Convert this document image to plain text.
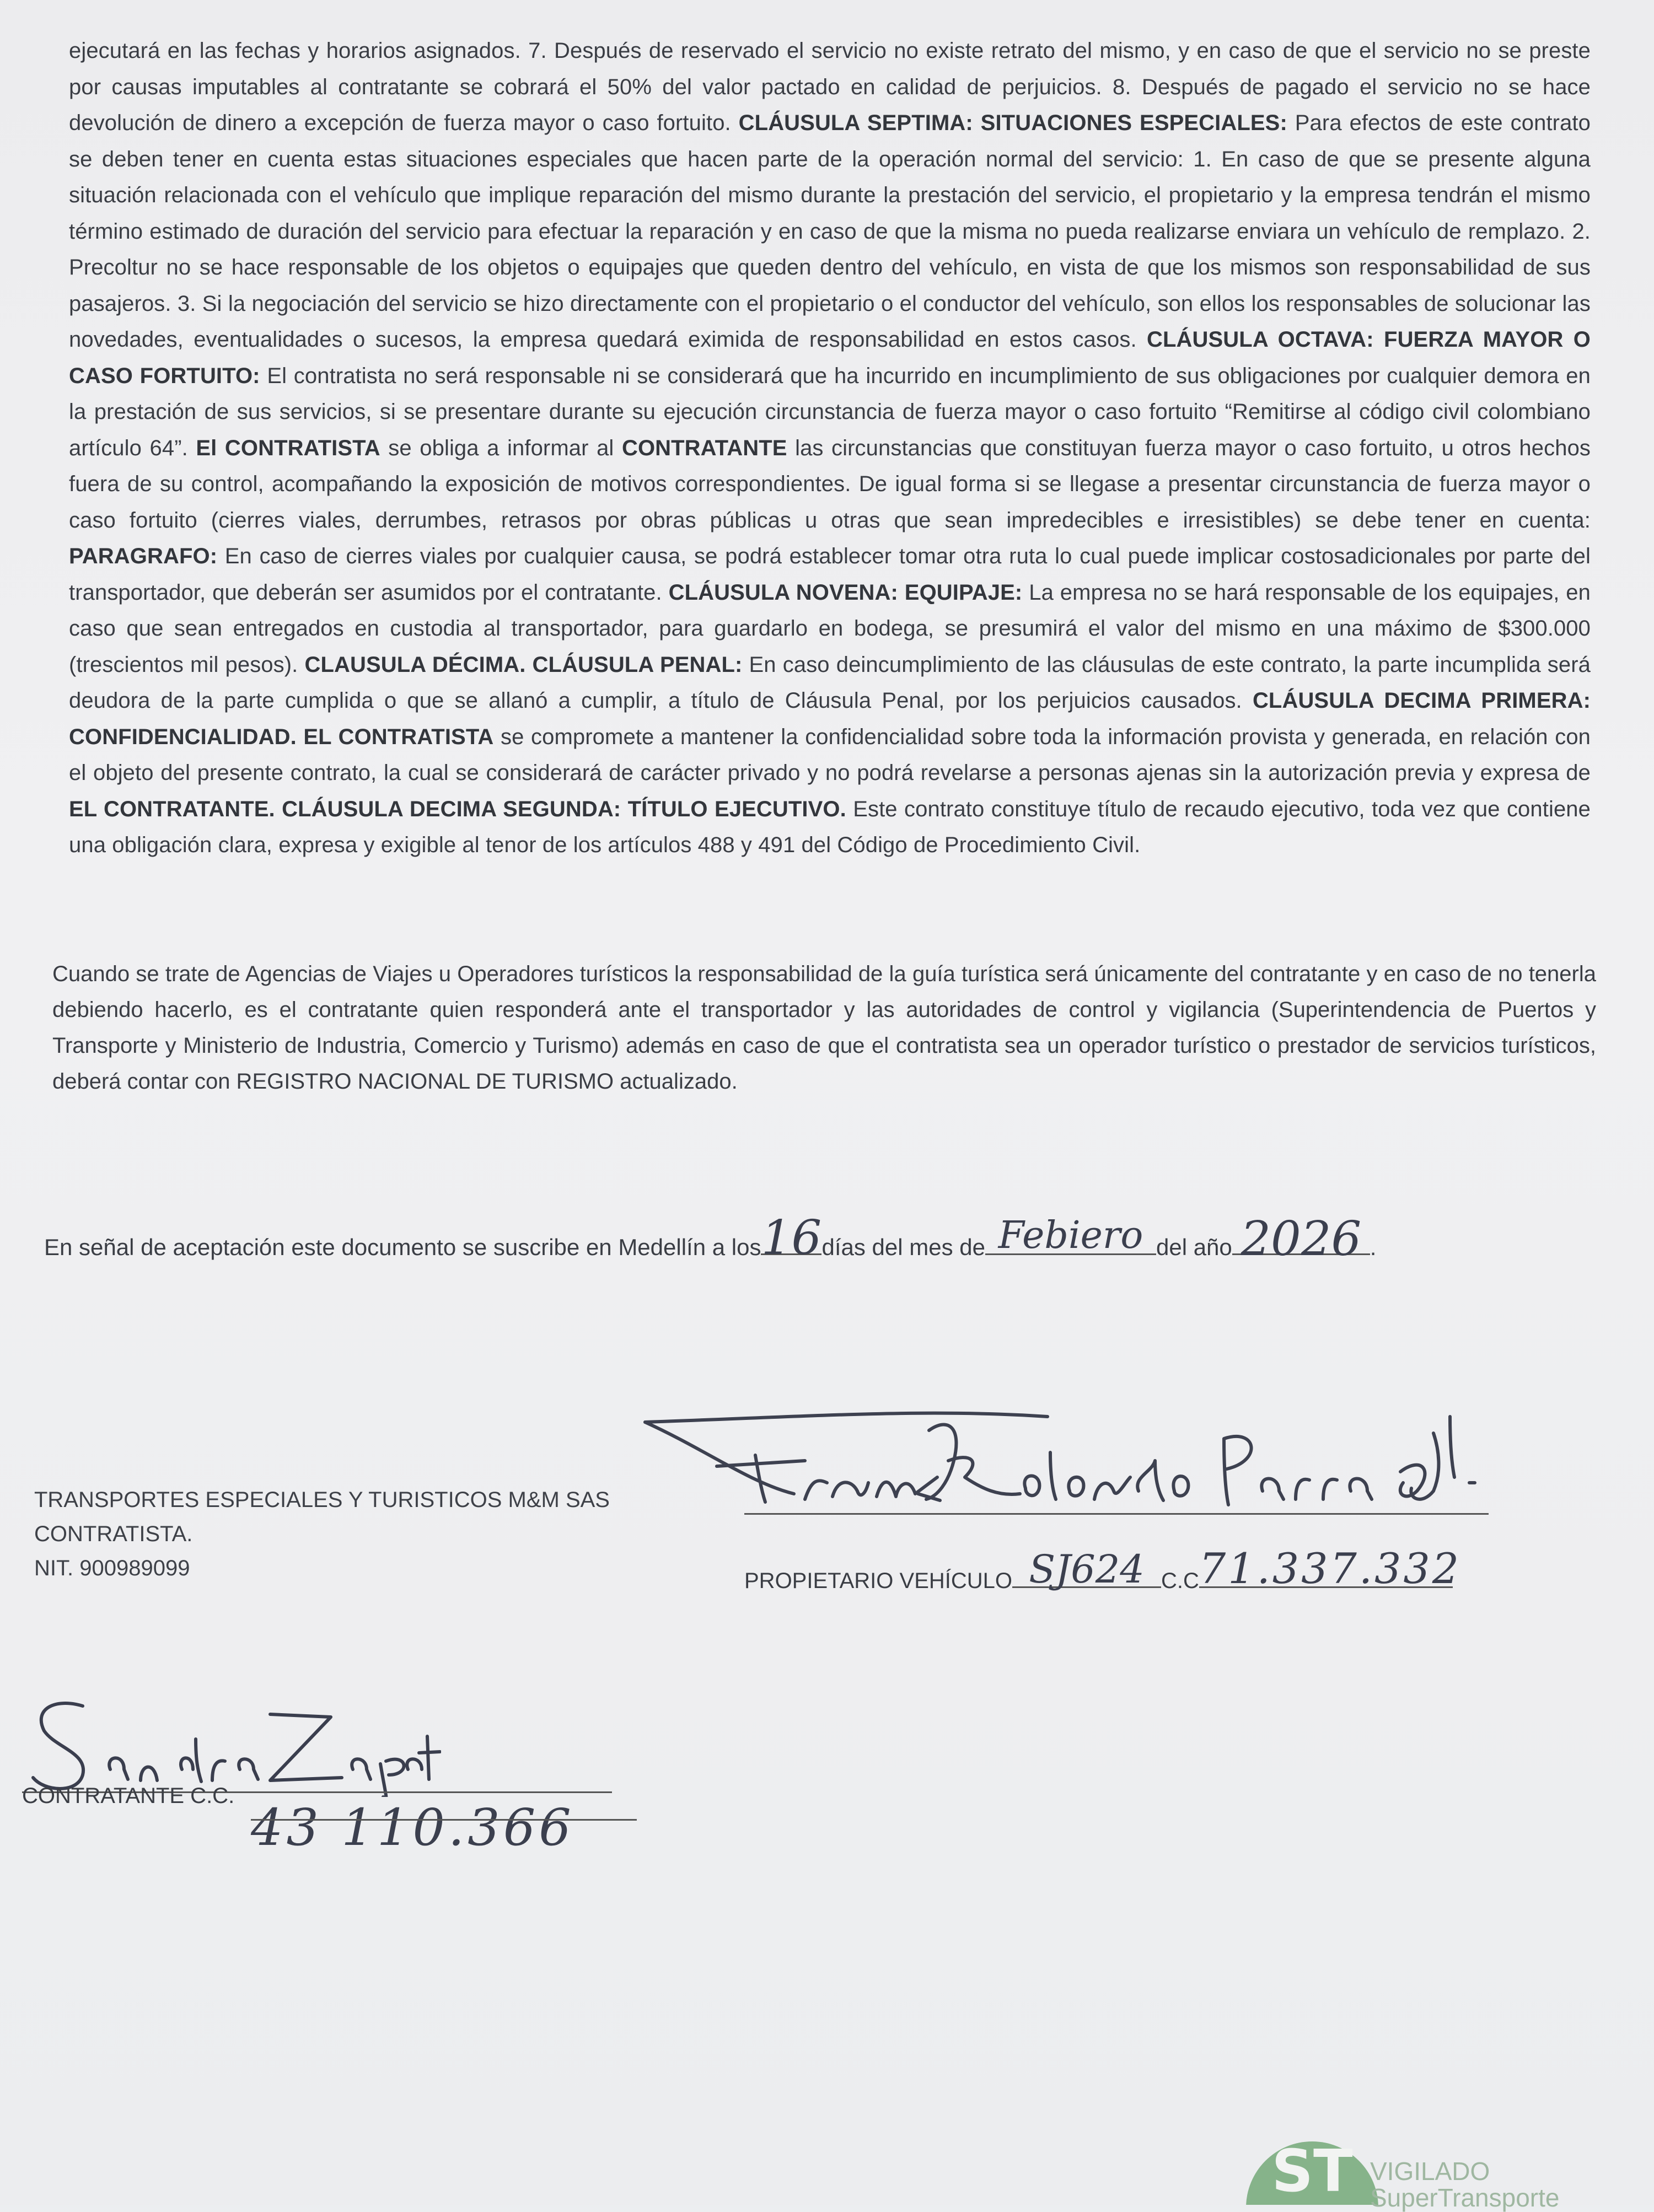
ejecutará en las fechas y horarios asignados. 7. Después de reservado el servicio no existe retrato del mismo, y en caso de que el servicio no se preste por causas imputables al contratante se cobrará el 50% del valor pactado en calidad de perjuicios. 8. Después de pagado el servicio no se hace devolución de dinero a excepción de fuerza mayor o caso fortuito. CLÁUSULA SEPTIMA: SITUACIONES ESPECIALES: Para efectos de este contrato se deben tener en cuenta estas situaciones especiales que hacen parte de la operación normal del servicio: 1. En caso de que se presente alguna situación relacionada con el vehículo que implique reparación del mismo durante la prestación del servicio, el propietario y la empresa tendrán el mismo término estimado de duración del servicio para efectuar la reparación y en caso de que la misma no pueda realizarse enviara un vehículo de remplazo. 2. Precoltur no se hace responsable de los objetos o equipajes que queden dentro del vehículo, en vista de que los mismos son responsabilidad de sus pasajeros. 3. Si la negociación del servicio se hizo directamente con el propietario o el conductor del vehículo, son ellos los responsables de solucionar las novedades, eventualidades o sucesos, la empresa quedará eximida de responsabilidad en estos casos. CLÁUSULA OCTAVA: FUERZA MAYOR O CASO FORTUITO: El contratista no será responsable ni se considerará que ha incurrido en incumplimiento de sus obligaciones por cualquier demora en la prestación de sus servicios, si se presentare durante su ejecución circunstancia de fuerza mayor o caso fortuito “Remitirse al código civil colombiano artículo 64”. El CONTRATISTA se obliga a informar al CONTRATANTE las circunstancias que constituyan fuerza mayor o caso fortuito, u otros hechos fuera de su control, acompañando la exposición de motivos correspondientes. De igual forma si se llegase a presentar circunstancia de fuerza mayor o caso fortuito (cierres viales, derrumbes, retrasos por obras públicas u otras que sean impredecibles e irresistibles) se debe tener en cuenta: PARAGRAFO: En caso de cierres viales por cualquier causa, se podrá establecer tomar otra ruta lo cual puede implicar costosadicionales por parte del transportador, que deberán ser asumidos por el contratante. CLÁUSULA NOVENA: EQUIPAJE: La empresa no se hará responsable de los equipajes, en caso que sean entregados en custodia al transportador, para guardarlo en bodega, se presumirá el valor del mismo en una máximo de $300.000 (trescientos mil pesos). CLAUSULA DÉCIMA. CLÁUSULA PENAL: En caso deincumplimiento de las cláusulas de este contrato, la parte incumplida será deudora de la parte cumplida o que se allanó a cumplir, a título de Cláusula Penal, por los perjuicios causados. CLÁUSULA DECIMA PRIMERA: CONFIDENCIALIDAD. EL CONTRATISTA se compromete a mantener la confidencialidad sobre toda la información provista y generada, en relación con el objeto del presente contrato, la cual se considerará de carácter privado y no podrá revelarse a personas ajenas sin la autorización previa y expresa de EL CONTRATANTE. CLÁUSULA DECIMA SEGUNDA: TÍTULO EJECUTIVO. Este contrato constituye título de recaudo ejecutivo, toda vez que contiene una obligación clara, expresa y exigible al tenor de los artículos 488 y 491 del Código de Procedimiento Civil.

Cuando se trate de Agencias de Viajes u Operadores turísticos la responsabilidad de la guía turística será únicamente del contratante y en caso de no tenerla debiendo hacerlo, es el contratante quien responderá ante el transportador y las autoridades de control y vigilancia (Superintendencia de Puertos y Transporte y Ministerio de Industria, Comercio y Turismo) además en caso de que el contratista sea un operador turístico o prestador de servicios turísticos, deberá contar con REGISTRO NACIONAL DE TURISMO actualizado.

En señal de aceptación este documento se suscribe en Medellín a los 16 días del mes de Febiero del año 2026 .
TRANSPORTES ESPECIALES Y TURISTICOS M&M SAS
CONTRATISTA.
NIT. 900989099
PROPIETARIO VEHÍCULO SJ624 C.C 71.337.332
CONTRATANTE C.C.
43 110.366
ST VIGILADO
SuperTransporte
